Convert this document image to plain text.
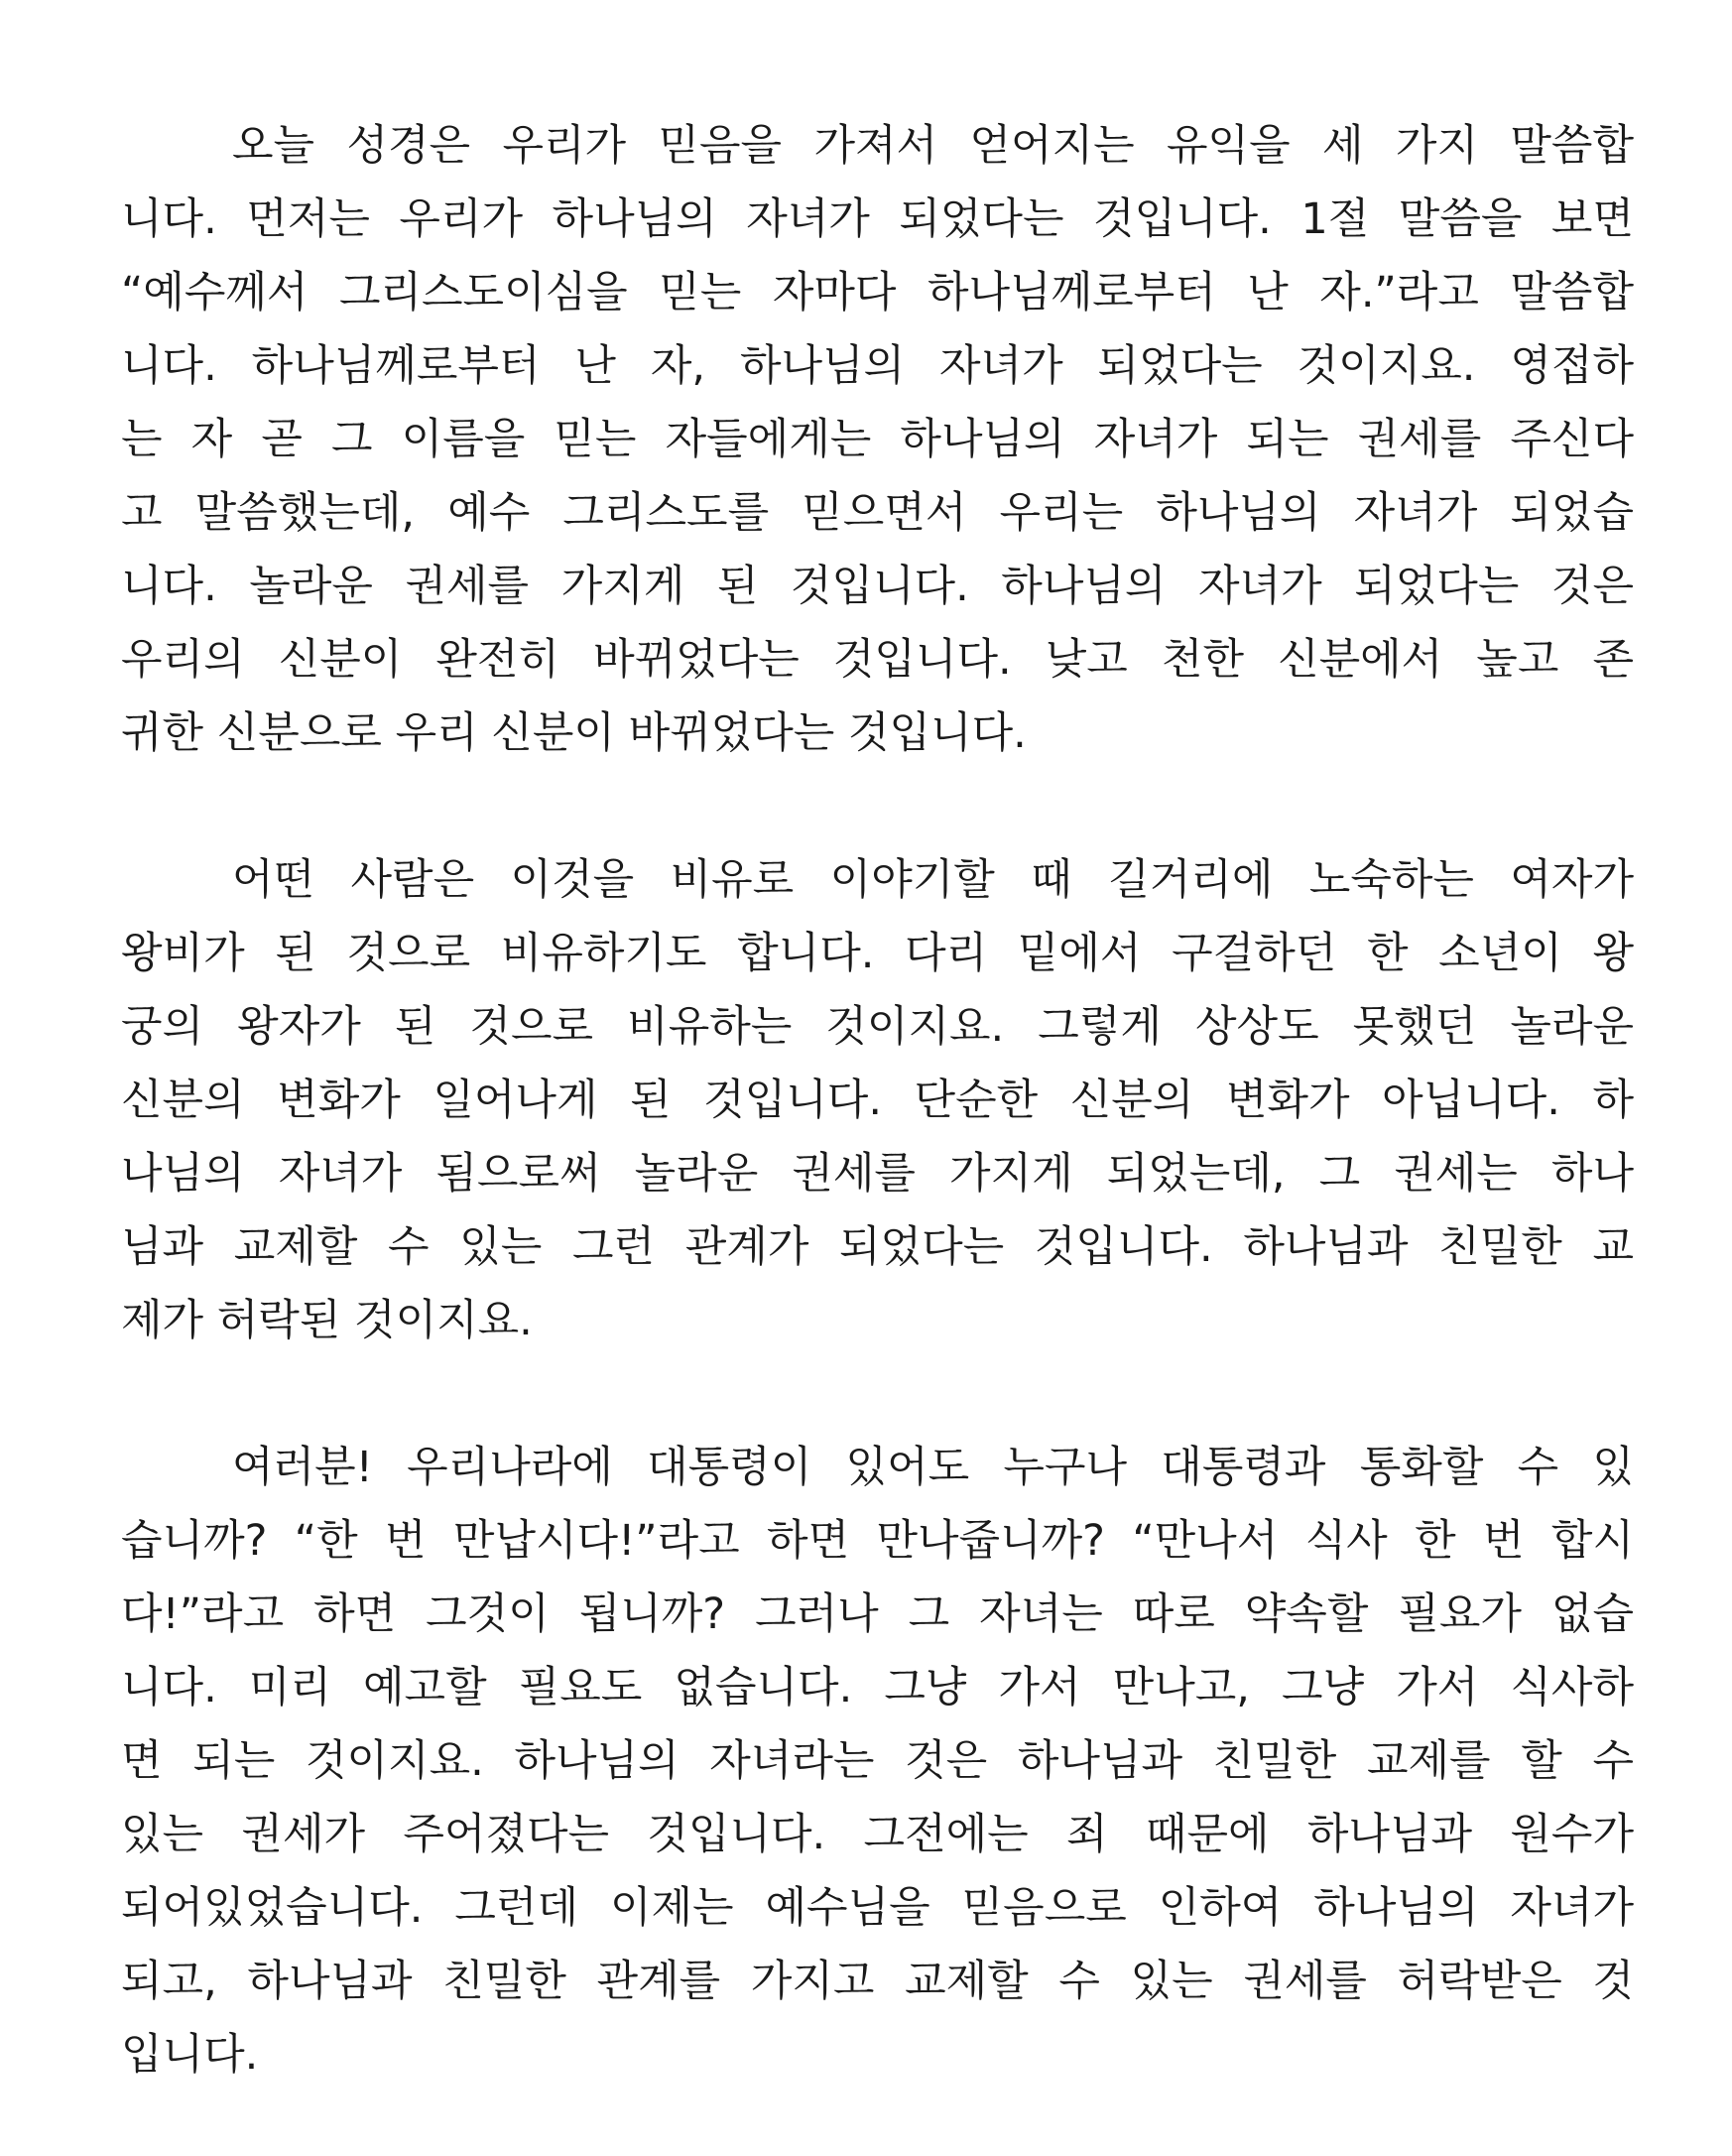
오늘 성경은 우리가 믿음을 가져서 얻어지는 유익을 세 가지 말씀합
니다. 먼저는 우리가 하나님의 자녀가 되었다는 것입니다. 1절 말씀을 보면
“예수께서 그리스도이심을 믿는 자마다 하나님께로부터 난 자.”라고 말씀합
니다. 하나님께로부터 난 자, 하나님의 자녀가 되었다는 것이지요. 영접하
는 자 곧 그 이름을 믿는 자들에게는 하나님의 자녀가 되는 권세를 주신다
고 말씀했는데, 예수 그리스도를 믿으면서 우리는 하나님의 자녀가 되었습
니다. 놀라운 권세를 가지게 된 것입니다. 하나님의 자녀가 되었다는 것은
우리의 신분이 완전히 바뀌었다는 것입니다. 낮고 천한 신분에서 높고 존
귀한 신분으로 우리 신분이 바뀌었다는 것입니다.
어떤 사람은 이것을 비유로 이야기할 때 길거리에 노숙하는 여자가
왕비가 된 것으로 비유하기도 합니다. 다리 밑에서 구걸하던 한 소년이 왕
궁의 왕자가 된 것으로 비유하는 것이지요. 그렇게 상상도 못했던 놀라운
신분의 변화가 일어나게 된 것입니다. 단순한 신분의 변화가 아닙니다. 하
나님의 자녀가 됨으로써 놀라운 권세를 가지게 되었는데, 그 권세는 하나
님과 교제할 수 있는 그런 관계가 되었다는 것입니다. 하나님과 친밀한 교
제가 허락된 것이지요.
여러분! 우리나라에 대통령이 있어도 누구나 대통령과 통화할 수 있
습니까? “한 번 만납시다!”라고 하면 만나줍니까? “만나서 식사 한 번 합시
다!”라고 하면 그것이 됩니까? 그러나 그 자녀는 따로 약속할 필요가 없습
니다. 미리 예고할 필요도 없습니다. 그냥 가서 만나고, 그냥 가서 식사하
면 되는 것이지요. 하나님의 자녀라는 것은 하나님과 친밀한 교제를 할 수
있는 권세가 주어졌다는 것입니다. 그전에는 죄 때문에 하나님과 원수가
되어있었습니다. 그런데 이제는 예수님을 믿음으로 인하여 하나님의 자녀가
되고, 하나님과 친밀한 관계를 가지고 교제할 수 있는 권세를 허락받은 것
입니다.
